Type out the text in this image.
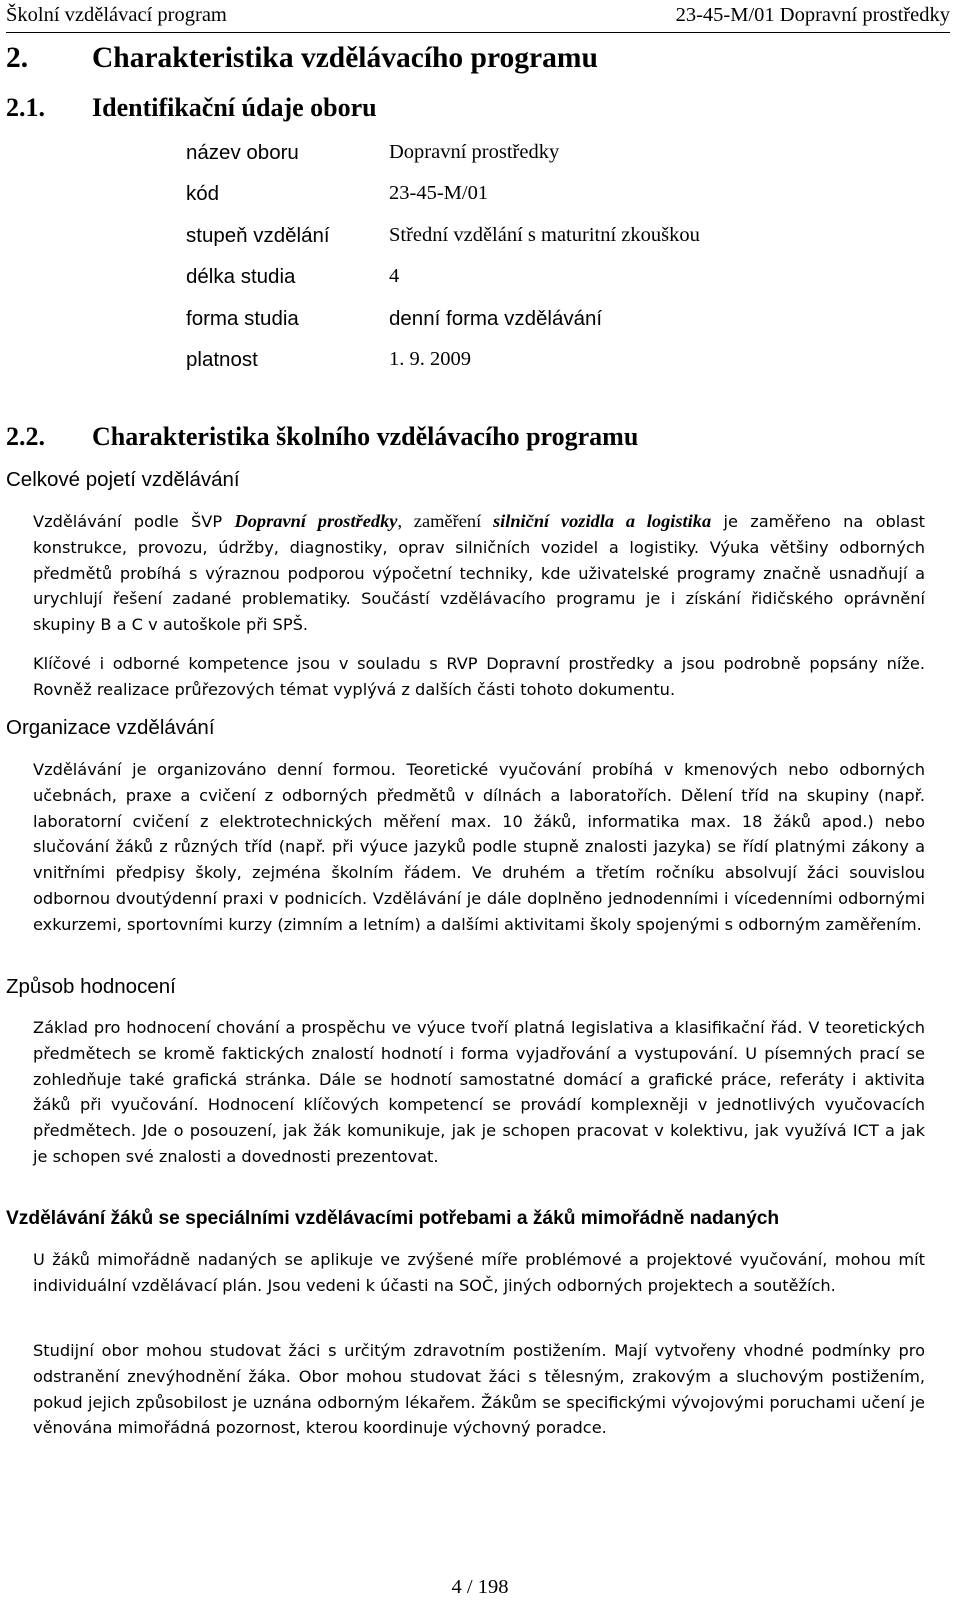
Školní vzdělávací program	23-45-M/01 Dopravní prostředky
2. Charakteristika vzdělávacího programu
2.1. Identifikační údaje oboru
název oboru	Dopravní prostředky
kód	23-45-M/01
stupeň vzdělání	Střední vzdělání s maturitní zkouškou
délka studia	4
forma studia	denní forma vzdělávání
platnost	1. 9. 2009
2.2. Charakteristika školního vzdělávacího programu
Celkové pojetí vzdělávání

Vzdělávání podle ŠVP Dopravní prostředky, zaměření silniční vozidla a logistika je zaměřeno na oblast konstrukce, provozu, údržby, diagnostiky, oprav silničních vozidel a logistiky. Výuka většiny odborných předmětů probíhá s výraznou podporou výpočetní techniky, kde uživatelské programy značně usnadňují a urychlují řešení zadané problematiky. Součástí vzdělávacího programu je i získání řidičského oprávnění skupiny B a C v autoškole při SPŠ.

Klíčové i odborné kompetence jsou v souladu s RVP Dopravní prostředky a jsou podrobně popsány níže. Rovněž realizace průřezových témat vyplývá z dalších části tohoto dokumentu.

Organizace vzdělávání

Vzdělávání je organizováno denní formou. Teoretické vyučování probíhá v kmenových nebo odborných učebnách, praxe a cvičení z odborných předmětů v dílnách a laboratořích. Dělení tříd na skupiny (např. laboratorní cvičení z elektrotechnických měření max. 10 žáků, informatika max. 18 žáků apod.) nebo slučování žáků z různých tříd (např. při výuce jazyků podle stupně znalosti jazyka) se řídí platnými zákony a vnitřními předpisy školy, zejména školním řádem. Ve druhém a třetím ročníku absolvují žáci souvislou odbornou dvoutýdenní praxi v podnicích. Vzdělávání je dále doplněno jednodenními i vícedenními odbornými exkurzemi, sportovními kurzy (zimním a letním) a dalšími aktivitami školy spojenými s odborným zaměřením.

Způsob hodnocení

Základ pro hodnocení chování a prospěchu ve výuce tvoří platná legislativa a klasifikační řád. V teoretických předmětech se kromě faktických znalostí hodnotí i forma vyjadřování a vystupování. U písemných prací se zohledňuje také grafická stránka. Dále se hodnotí samostatné domácí a grafické práce, referáty i aktivita žáků při vyučování. Hodnocení klíčových kompetencí se provádí komplexněji v jednotlivých vyučovacích předmětech. Jde o posouzení, jak žák komunikuje, jak je schopen pracovat v kolektivu, jak využívá ICT a jak je schopen své znalosti a dovednosti prezentovat.

Vzdělávání žáků se speciálními vzdělávacími potřebami a žáků mimořádně nadaných

U žáků mimořádně nadaných se aplikuje ve zvýšené míře problémové a projektové vyučování, mohou mít individuální vzdělávací plán. Jsou vedeni k účasti na SOČ, jiných odborných projektech a soutěžích.

Studijní obor mohou studovat žáci s určitým zdravotním postižením. Mají vytvořeny vhodné podmínky pro odstranění znevýhodnění žáka. Obor mohou studovat žáci s tělesným, zrakovým a sluchovým postižením, pokud jejich způsobilost je uznána odborným lékařem. Žákům se specifickými vývojovými poruchami učení je věnována mimořádná pozornost, kterou koordinuje výchovný poradce.

4 / 198
